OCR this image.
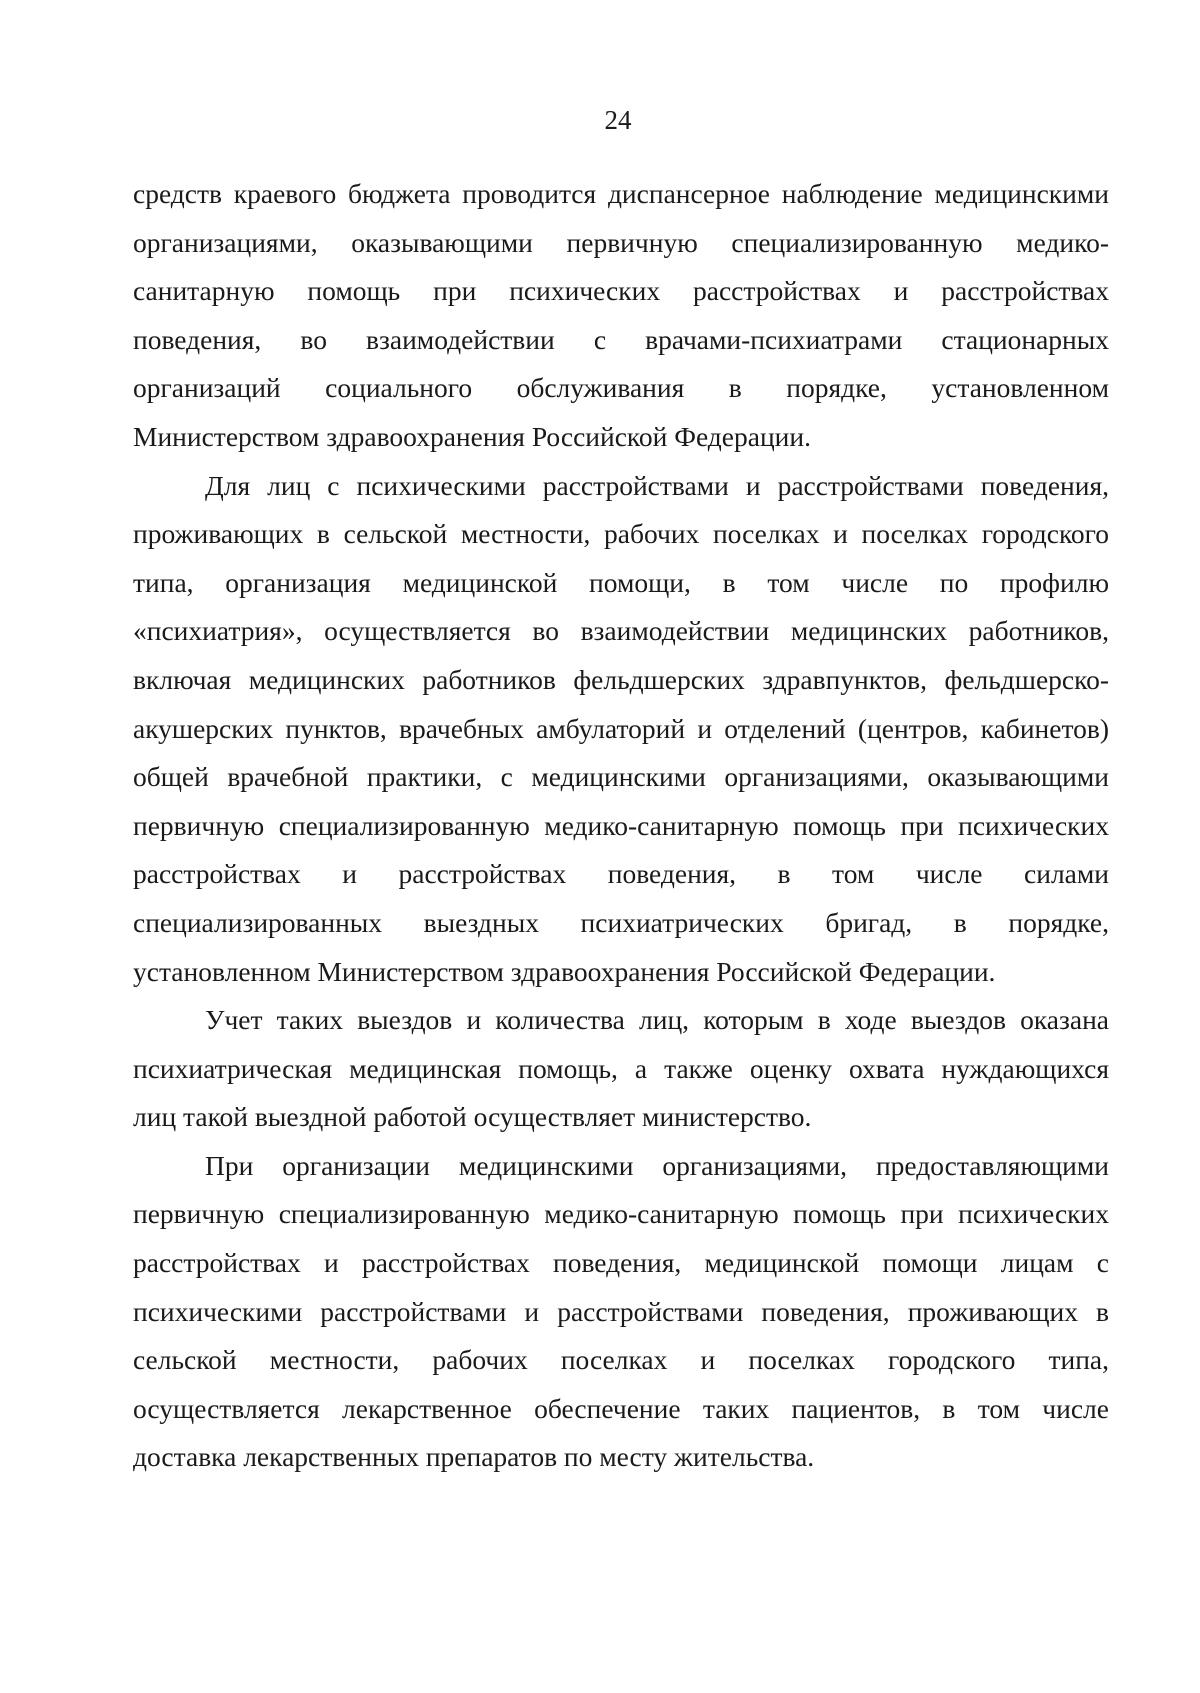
24
средств краевого бюджета проводится диспансерное наблюдение медицинскими
организациями, оказывающими первичную специализированную медико-
санитарную помощь при психических расстройствах и расстройствах
поведения, во взаимодействии с врачами-психиатрами стационарных
организаций социального обслуживания в порядке, установленном
Министерством здравоохранения Российской Федерации.
Для лиц с психическими расстройствами и расстройствами поведения,
проживающих в сельской местности, рабочих поселках и поселках городского
типа, организация медицинской помощи, в том числе по профилю
«психиатрия», осуществляется во взаимодействии медицинских работников,
включая медицинских работников фельдшерских здравпунктов, фельдшерско-
акушерских пунктов, врачебных амбулаторий и отделений (центров, кабинетов)
общей врачебной практики, с медицинскими организациями, оказывающими
первичную специализированную медико-санитарную помощь при психических
расстройствах и расстройствах поведения, в том числе силами
специализированных выездных психиатрических бригад, в порядке,
установленном Министерством здравоохранения Российской Федерации.
Учет таких выездов и количества лиц, которым в ходе выездов оказана
психиатрическая медицинская помощь, а также оценку охвата нуждающихся
лиц такой выездной работой осуществляет министерство.
При организации медицинскими организациями, предоставляющими
первичную специализированную медико-санитарную помощь при психических
расстройствах и расстройствах поведения, медицинской помощи лицам с
психическими расстройствами и расстройствами поведения, проживающих в
сельской местности, рабочих поселках и поселках городского типа,
осуществляется лекарственное обеспечение таких пациентов, в том числе
доставка лекарственных препаратов по месту жительства.
